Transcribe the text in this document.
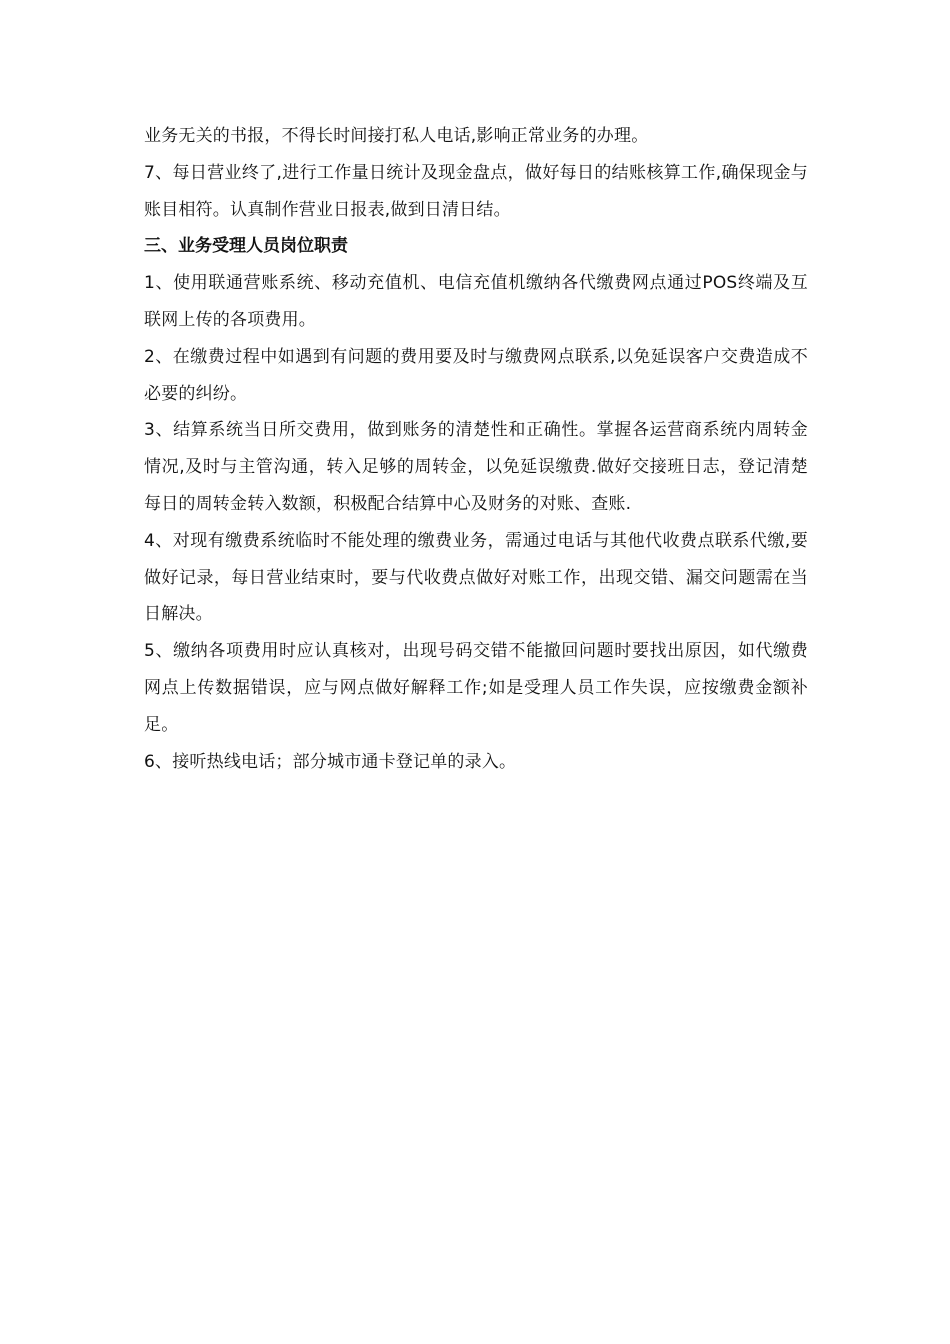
业务无关的书报，不得长时间接打私人电话,影响正常业务的办理。

7、每日营业终了,进行工作量日统计及现金盘点，做好每日的结账核算工作,确保现金与账目相符。认真制作营业日报表,做到日清日结。

三、业务受理人员岗位职责

1、使用联通营账系统、移动充值机、电信充值机缴纳各代缴费网点通过POS终端及互联网上传的各项费用。

2、在缴费过程中如遇到有问题的费用要及时与缴费网点联系,以免延误客户交费造成不必要的纠纷。

3、结算系统当日所交费用，做到账务的清楚性和正确性。掌握各运营商系统内周转金情况,及时与主管沟通，转入足够的周转金，以免延误缴费.做好交接班日志，登记清楚每日的周转金转入数额，积极配合结算中心及财务的对账、查账.

4、对现有缴费系统临时不能处理的缴费业务，需通过电话与其他代收费点联系代缴,要做好记录，每日营业结束时，要与代收费点做好对账工作，出现交错、漏交问题需在当日解决。

5、缴纳各项费用时应认真核对，出现号码交错不能撤回问题时要找出原因，如代缴费网点上传数据错误，应与网点做好解释工作;如是受理人员工作失误，应按缴费金额补足。

6、接听热线电话；部分城市通卡登记单的录入。
